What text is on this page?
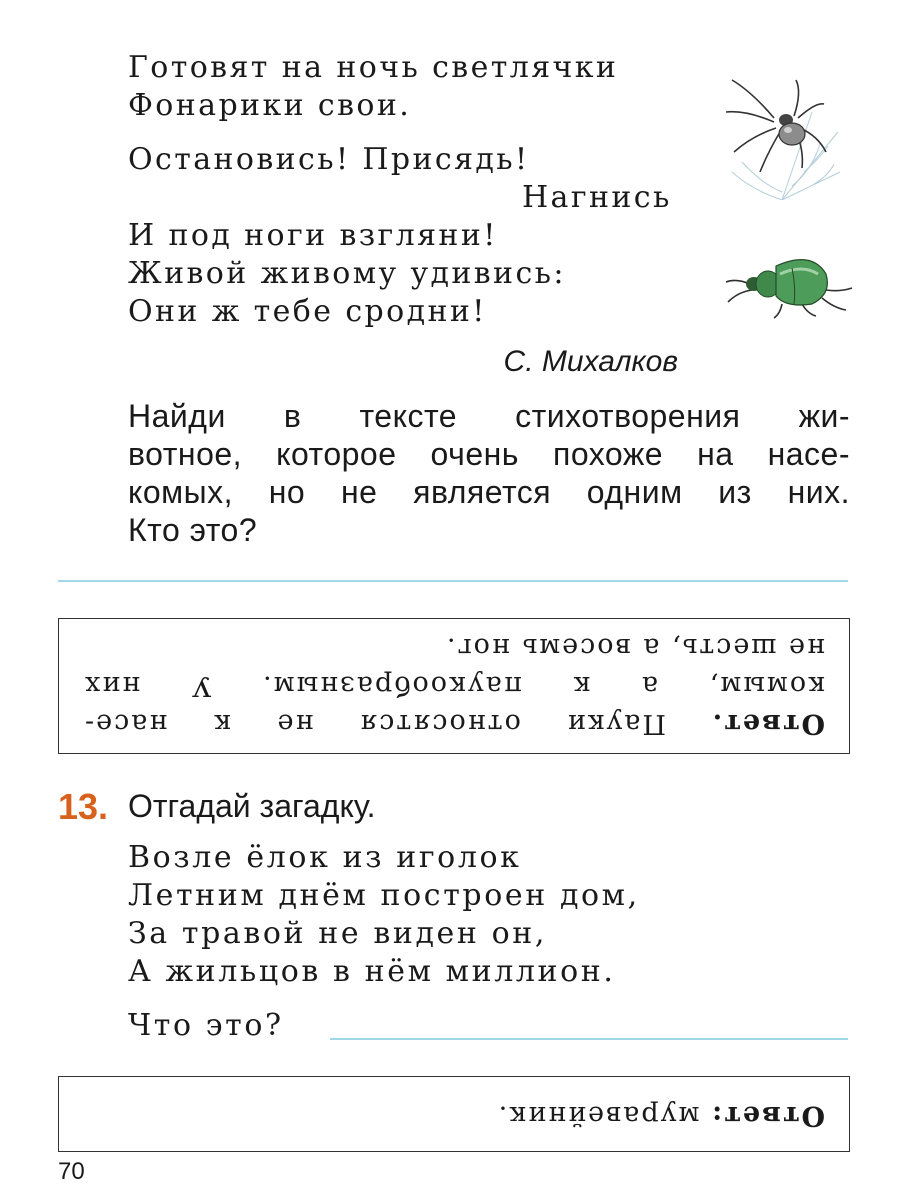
Готовят на ночь светлячки
Фонарики свои.
Остановись! Присядь!
Нагнись
И под ноги взгляни!
Живой живому удивись:
Они ж тебе сродни!
С. Михалков
Найди в тексте стихотворения жи-
вотное, которое очень похоже на насе-
комых, но не является одним из них.
Кто это?
Ответ. Пауки относятся не к насе-
комым, а к паукообразным. У них
не шесть, а восемь ног.
13. Отгадай загадку.
Возле ёлок из иголок
Летним днём построен дом,
За травой не виден он,
А жильцов в нём миллион.
Что это?
Ответ: муравейник.
70
